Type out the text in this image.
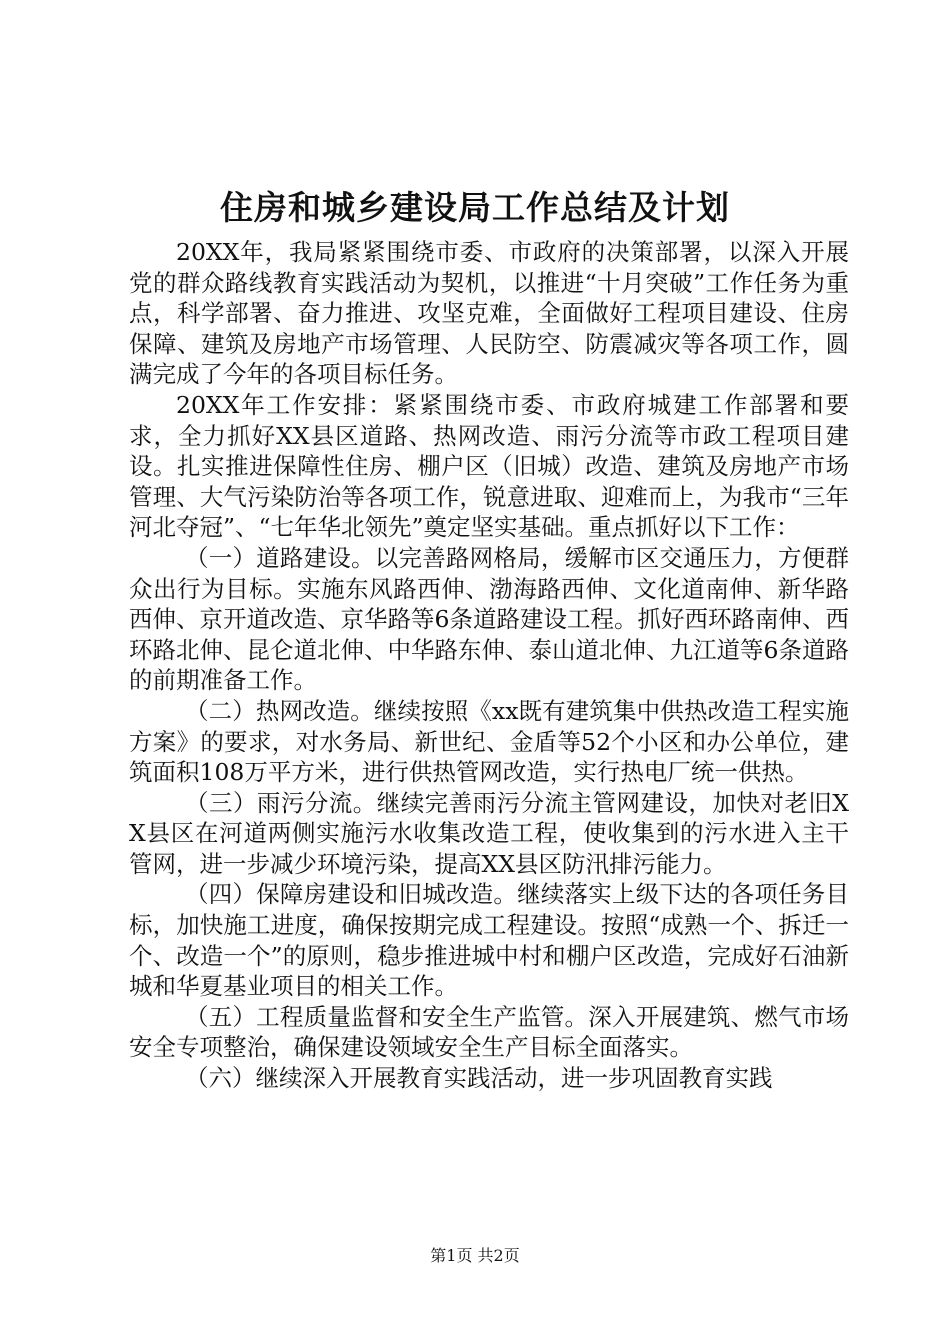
住房和城乡建设局工作总结及计划

20XX年，我局紧紧围绕市委、市政府的决策部署，以深入开展党的群众路线教育实践活动为契机，以推进“十月突破”工作任务为重点，科学部署、奋力推进、攻坚克难，全面做好工程项目建设、住房保障、建筑及房地产市场管理、人民防空、防震减灾等各项工作，圆满完成了今年的各项目标任务。

20XX年工作安排：紧紧围绕市委、市政府城建工作部署和要求，全力抓好XX县区道路、热网改造、雨污分流等市政工程项目建设。扎实推进保障性住房、棚户区（旧城）改造、建筑及房地产市场管理、大气污染防治等各项工作，锐意进取、迎难而上，为我市“三年河北夺冠”、“七年华北领先”奠定坚实基础。重点抓好以下工作：

（一）道路建设。以完善路网格局，缓解市区交通压力，方便群众出行为目标。实施东风路西伸、渤海路西伸、文化道南伸、新华路西伸、京开道改造、京华路等6条道路建设工程。抓好西环路南伸、西环路北伸、昆仑道北伸、中华路东伸、泰山道北伸、九江道等6条道路的前期准备工作。

（二）热网改造。继续按照《xx既有建筑集中供热改造工程实施方案》的要求，对水务局、新世纪、金盾等52个小区和办公单位，建筑面积108万平方米，进行供热管网改造，实行热电厂统一供热。

（三）雨污分流。继续完善雨污分流主管网建设，加快对老旧XX县区在河道两侧实施污水收集改造工程，使收集到的污水进入主干管网，进一步减少环境污染，提高XX县区防汛排污能力。

（四）保障房建设和旧城改造。继续落实上级下达的各项任务目标，加快施工进度，确保按期完成工程建设。按照“成熟一个、拆迁一个、改造一个”的原则，稳步推进城中村和棚户区改造，完成好石油新城和华夏基业项目的相关工作。

（五）工程质量监督和安全生产监管。深入开展建筑、燃气市场安全专项整治，确保建设领域安全生产目标全面落实。

（六）继续深入开展教育实践活动，进一步巩固教育实践

第1页 共2页
